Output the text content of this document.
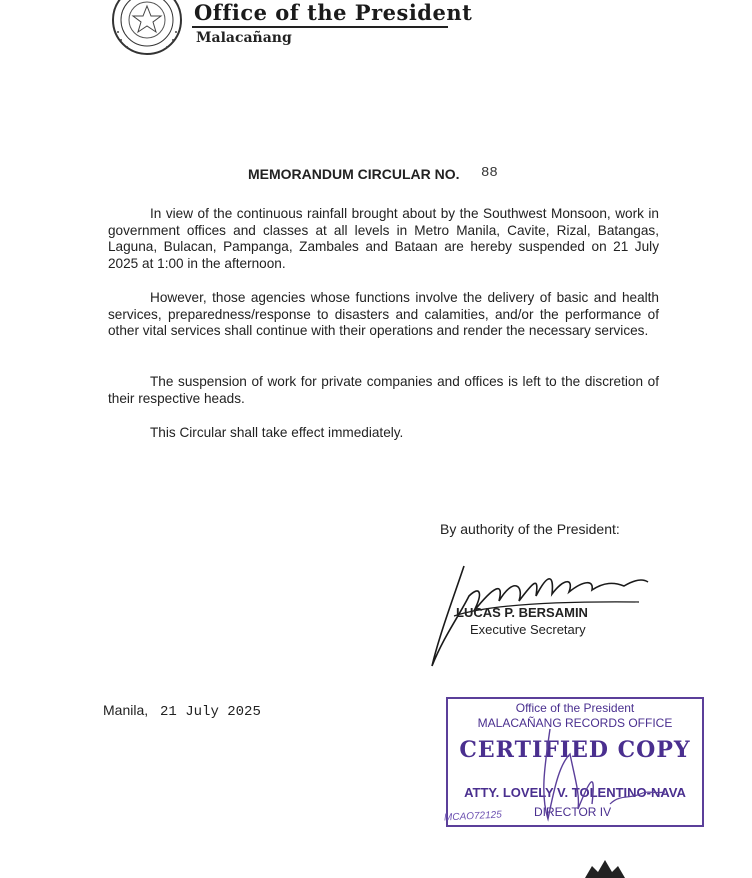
Office of the President
Malacañang
MEMORANDUM CIRCULAR NO. 88
In view of the continuous rainfall brought about by the Southwest Monsoon, work in government offices and classes at all levels in Metro Manila, Cavite, Rizal, Batangas, Laguna, Bulacan, Pampanga, Zambales and Bataan are hereby suspended on 21 July 2025 at 1:00 in the afternoon.
However, those agencies whose functions involve the delivery of basic and health services, preparedness/response to disasters and calamities, and/or the performance of other vital services shall continue with their operations and render the necessary services.
The suspension of work for private companies and offices is left to the discretion of their respective heads.
This Circular shall take effect immediately.
By authority of the President:
LUCAS P. BERSAMIN
Executive Secretary
Manila, 21 July 2025	Office of the President
MALACAÑANG RECORDS OFFICE
CERTIFIED COPY
ATTY. LOVELY V. TOLENTINO-NAVA
DIRECTOR IV
MCAO72125
